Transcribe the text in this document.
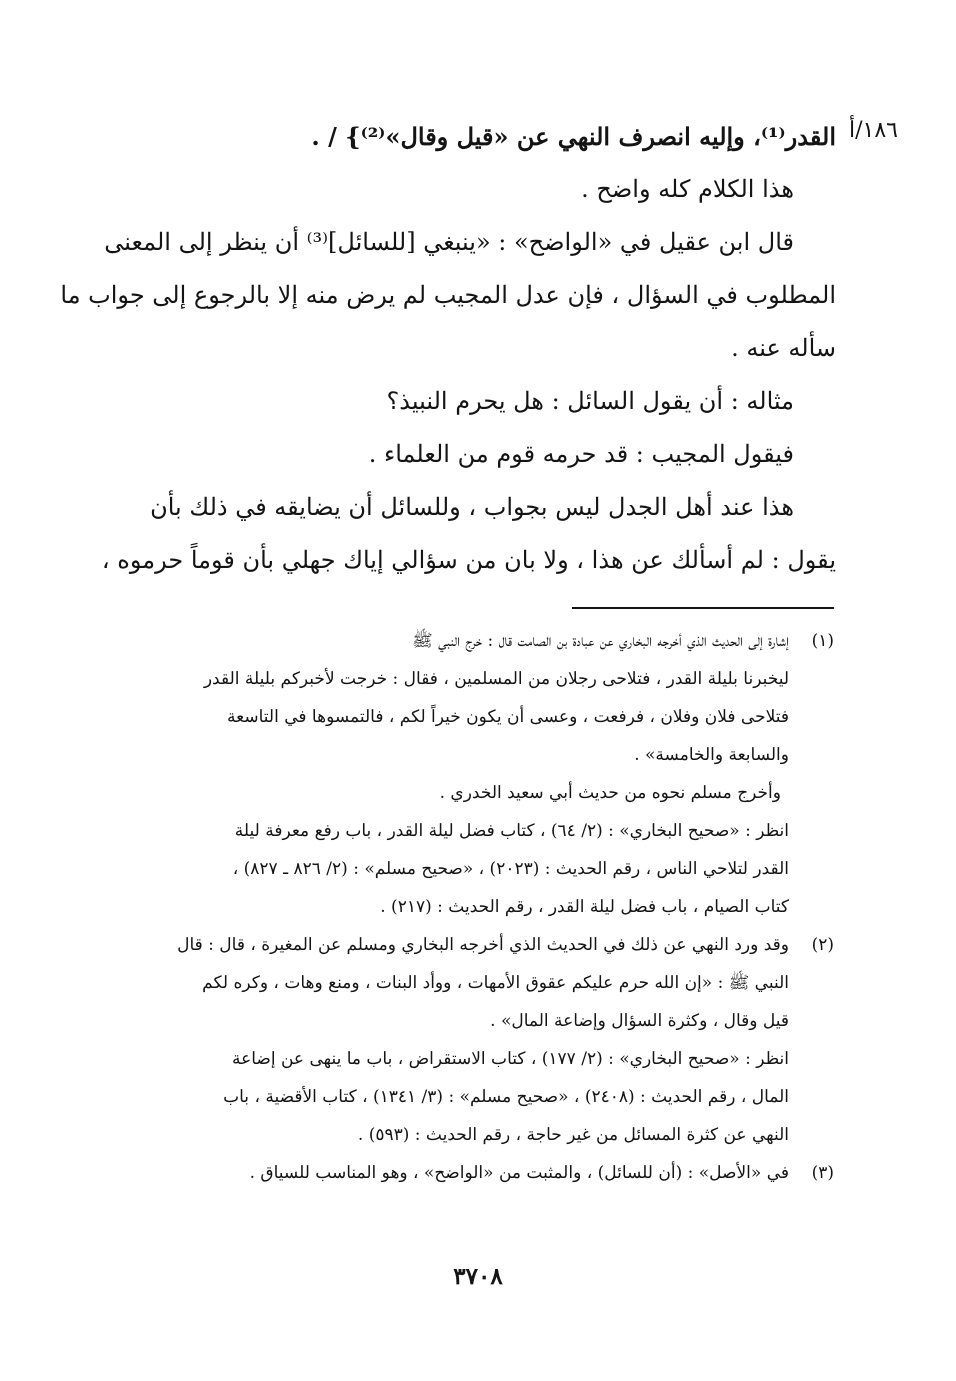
١٨٦/أ
القدر⁽¹⁾، وإليه انصرف النهي عن «قيل وقال»⁽²⁾} / .
هذا الكلام كله واضح .
قال ابن عقيل في «الواضح» : «ينبغي [للسائل]⁽³⁾ أن ينظر إلى المعنى
المطلوب في السؤال ، فإن عدل المجيب لم يرض منه إلا بالرجوع إلى جواب ما
سأله عنه .
مثاله : أن يقول السائل : هل يحرم النبيذ؟
فيقول المجيب : قد حرمه قوم من العلماء .
هذا عند أهل الجدل ليس بجواب ، وللسائل أن يضايقه في ذلك بأن
يقول : لم أسألك عن هذا ، ولا بان من سؤالي إياك جهلي بأن قوماً حرموه ،
(١)
إشارة إلى الحديث الذي أخرجه البخاري عن عبادة بن الصامت قال : خرج النبي ﷺ
ليخبرنا بليلة القدر ، فتلاحى رجلان من المسلمين ، فقال : خرجت لأخبركم بليلة القدر
فتلاحى فلان وفلان ، فرفعت ، وعسى أن يكون خيراً لكم ، فالتمسوها في التاسعة
والسابعة والخامسة» .
وأخرج مسلم نحوه من حديث أبي سعيد الخدري .
انظر : «صحيح البخاري» : (٢/ ٦٤) ، كتاب فضل ليلة القدر ، باب رفع معرفة ليلة
القدر لتلاحي الناس ، رقم الحديث : (٢٠٢٣) ، «صحيح مسلم» : (٢/ ٨٢٦ ـ ٨٢٧) ،
كتاب الصيام ، باب فضل ليلة القدر ، رقم الحديث : (٢١٧) .
(٢)
وقد ورد النهي عن ذلك في الحديث الذي أخرجه البخاري ومسلم عن المغيرة ، قال : قال
النبي ﷺ : «إن الله حرم عليكم عقوق الأمهات ، ووأد البنات ، ومنع وهات ، وكره لكم
قيل وقال ، وكثرة السؤال وإضاعة المال» .
انظر : «صحيح البخاري» : (٢/ ١٧٧) ، كتاب الاستقراض ، باب ما ينهى عن إضاعة
المال ، رقم الحديث : (٢٤٠٨) ، «صحيح مسلم» : (٣/ ١٣٤١) ، كتاب الأقضية ، باب
النهي عن كثرة المسائل من غير حاجة ، رقم الحديث : (٥٩٣) .
(٣)
في «الأصل» : (أن للسائل) ، والمثبت من «الواضح» ، وهو المناسب للسياق .
٣٧٠٨
